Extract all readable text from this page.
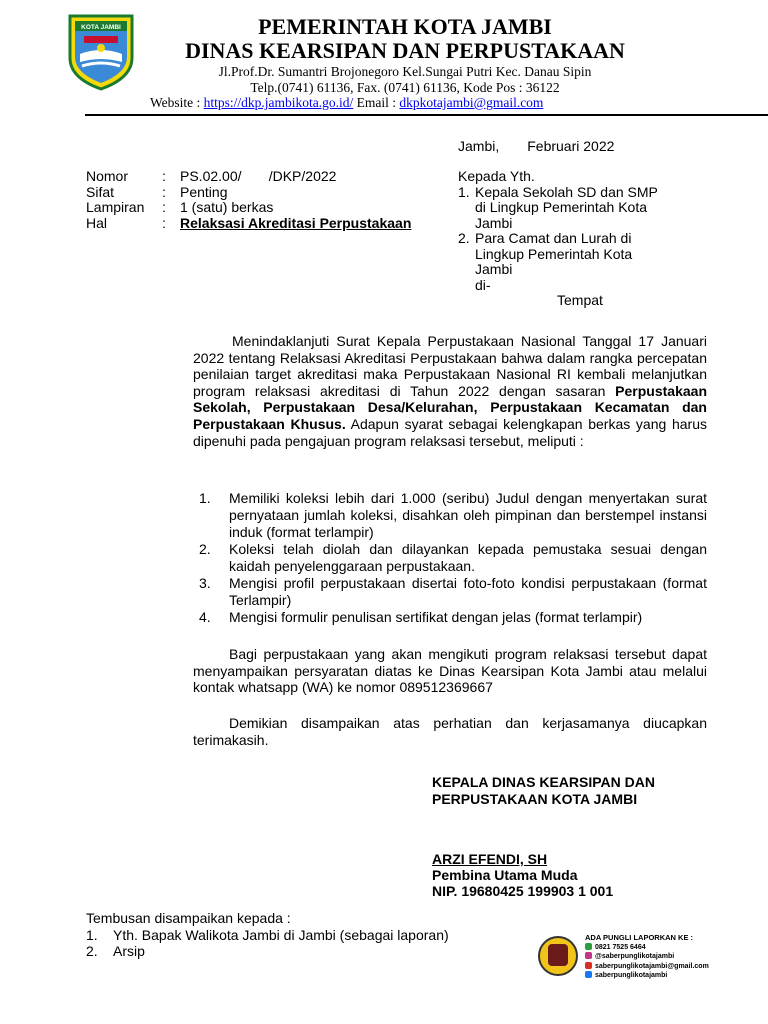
KOTA JAMBI	PEMERINTAH KOTA JAMBI
DINAS KEARSIPAN DAN PERPUSTAKAAN
Jl.Prof.Dr. Sumantri Brojonegoro Kel.Sungai Putri Kec. Danau Sipin
Telp.(0741) 61136, Fax. (0741) 61136, Kode Pos : 36122
Website : https://dkp.jambikota.go.id/ Email : dkpkotajambi@gmail.com
Jambi, Februari 2022
Nomor	:	PS.02.00/       /DKP/2022
Sifat	:	Penting
Lampiran	:	1 (satu) berkas
Hal	:	Relaksasi Akreditasi Perpustakaan
Kepada Yth.
1. Kepala Sekolah SD dan SMP di Lingkup Pemerintah Kota Jambi
2. Para Camat dan Lurah di Lingkup Pemerintah Kota Jambi
di-
Tempat
Menindaklanjuti Surat Kepala Perpustakaan Nasional Tanggal 17 Januari 2022 tentang Relaksasi Akreditasi Perpustakaan bahwa dalam rangka percepatan penilaian target akreditasi maka Perpustakaan Nasional RI kembali melanjutkan program relaksasi akreditasi di Tahun 2022 dengan sasaran Perpustakaan Sekolah, Perpustakaan Desa/Kelurahan, Perpustakaan Kecamatan dan Perpustakaan Khusus. Adapun syarat sebagai kelengkapan berkas yang harus dipenuhi pada pengajuan program relaksasi tersebut, meliputi :
1.	Memiliki koleksi lebih dari 1.000 (seribu) Judul dengan menyertakan surat pernyataan jumlah koleksi, disahkan oleh pimpinan dan berstempel instansi induk (format terlampir)
2.	Koleksi telah diolah dan dilayankan kepada pemustaka sesuai dengan kaidah penyelenggaraan perpustakaan.
3.	Mengisi profil perpustakaan disertai foto-foto kondisi perpustakaan (format Terlampir)
4.	Mengisi formulir penulisan sertifikat dengan jelas (format terlampir)
Bagi perpustakaan yang akan mengikuti program relaksasi tersebut dapat menyampaikan persyaratan diatas ke Dinas Kearsipan Kota Jambi atau melalui kontak whatsapp (WA) ke nomor 089512369667
Demikian disampaikan atas perhatian dan kerjasamanya diucapkan terimakasih.
KEPALA DINAS KEARSIPAN DAN
PERPUSTAKAAN KOTA JAMBI
ARZI EFENDI, SH
Pembina Utama Muda
NIP. 19680425 199903 1 001
Tembusan disampaikan kepada :
1.	Yth. Bapak Walikota Jambi di Jambi (sebagai laporan)
2.	Arsip
ADA PUNGLI LAPORKAN KE :
0821 7525 6464
@saberpunglikotajambi
saberpunglikotajambi@gmail.com
saberpunglikotajambi
